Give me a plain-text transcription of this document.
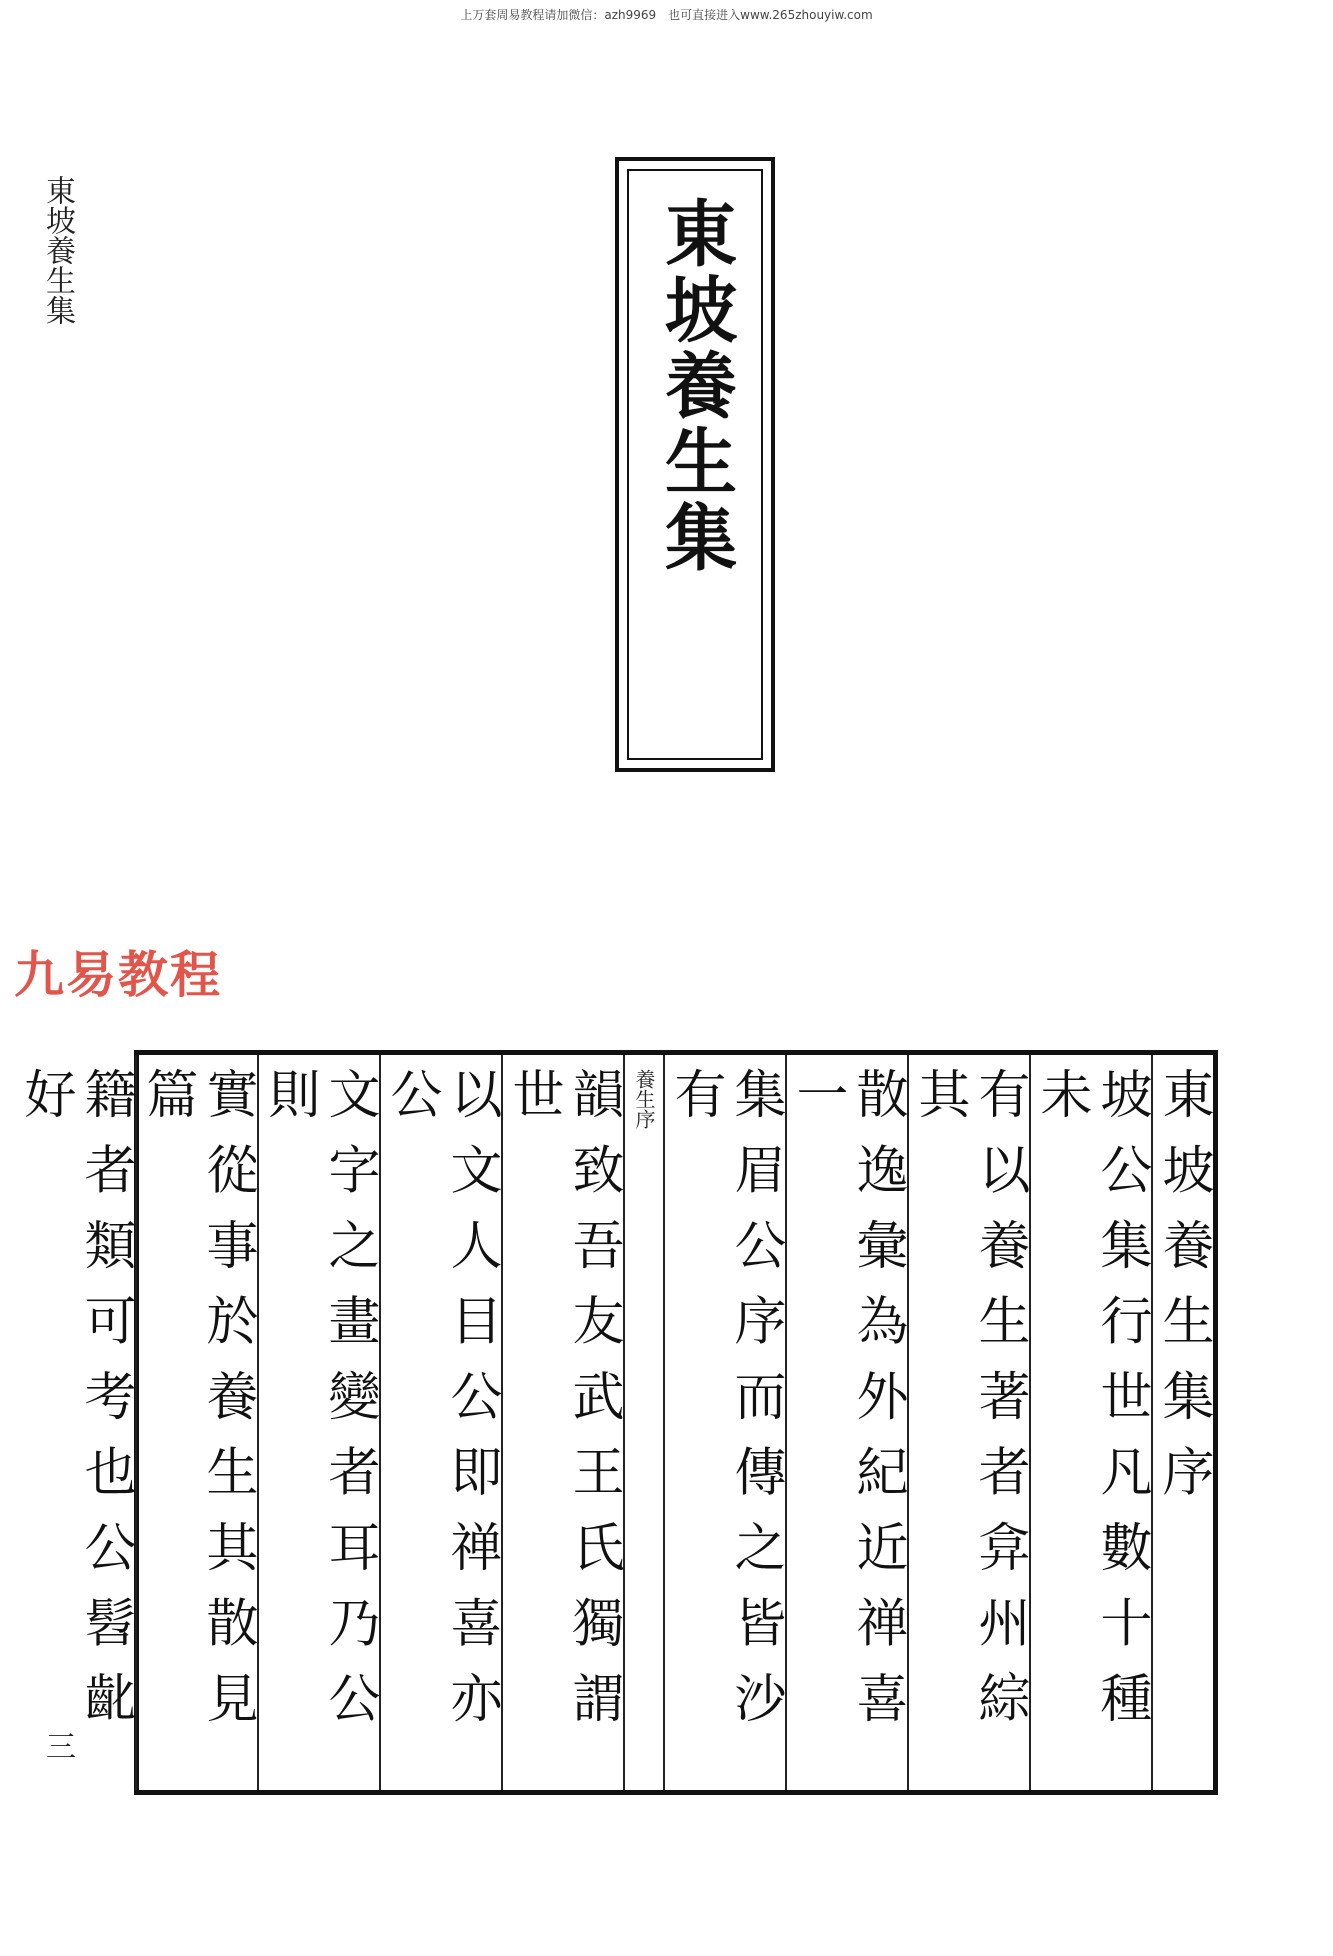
上万套周易教程请加微信：azh9969　也可直接进入www.265zhouyiw.com
東坡養生集	東坡養生集
九易教程
三
東坡養生集序
坡公集行世凡數十種未
有以養生著者弇州綜其
散逸彙為外紀近禅喜一
集眉公序而傳之皆沙有
養生序
韻致吾友武王氏獨謂世
以文人目公即禅喜亦公
文字之畫變者耳乃公則
實從事於養生其散見篇
籍者類可考也公髫齔好
